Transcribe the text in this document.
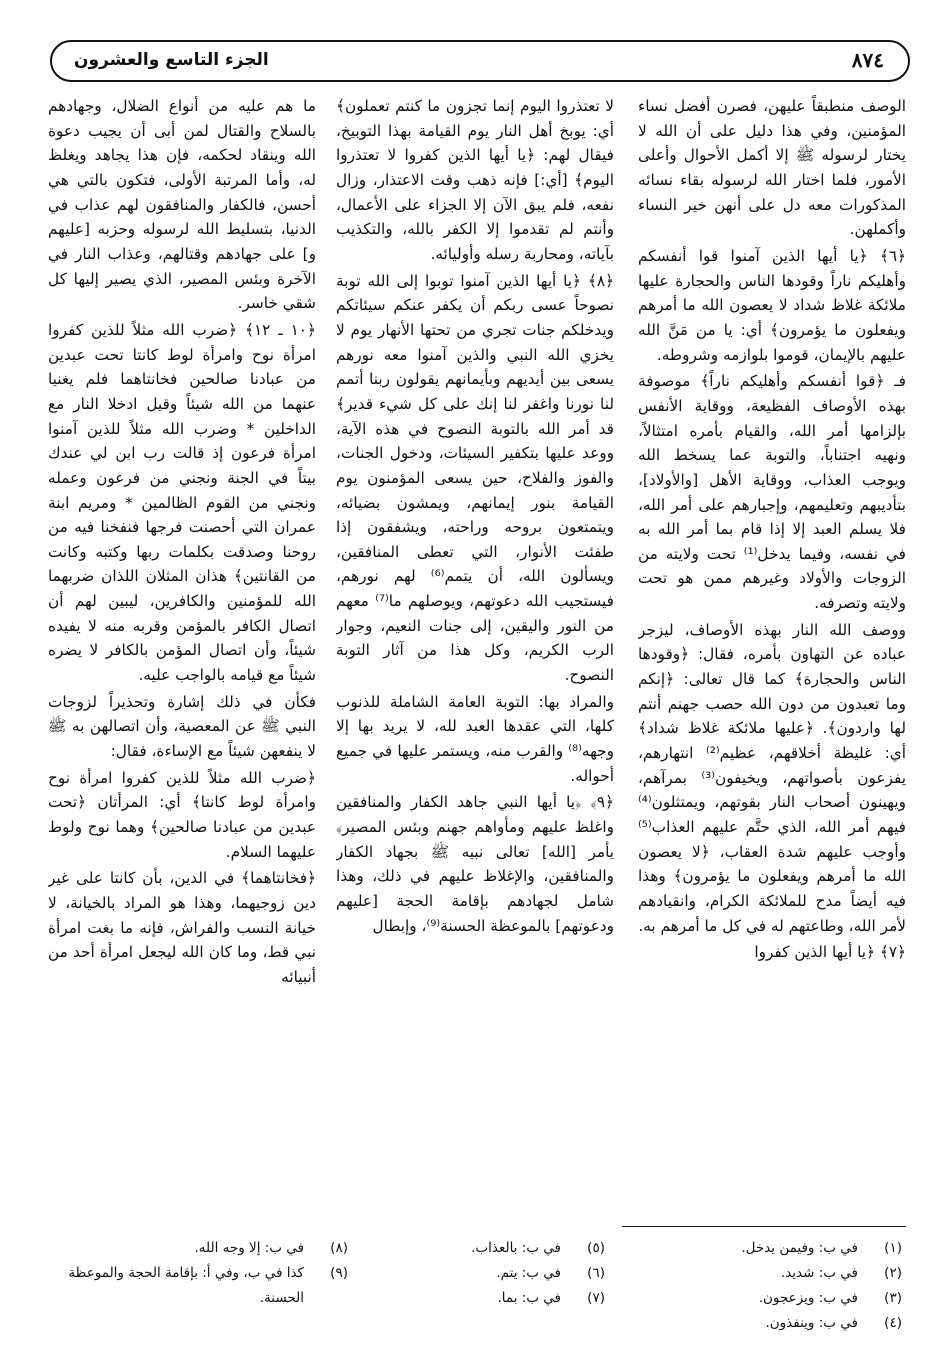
٨٧٤
الجزء التاسع والعشرون

الوصف منطبقاً عليهن، فصرن أفضل نساء المؤمنين، وفي هذا دليل على أن الله لا يختار لرسوله ﷺ إلا أكمل الأحوال وأعلى الأمور، فلما اختار الله لرسوله بقاء نسائه المذكورات معه دل على أنهن خير النساء وأكملهن.

﴿٦﴾ ﴿يا أيها الذين آمنوا قوا أنفسكم وأهليكم ناراً وقودها الناس والحجارة عليها ملائكة غلاظ شداد لا يعصون الله ما أمرهم ويفعلون ما يؤمرون﴾ أي: يا من مَنَّ الله عليهم بالإيمان، قوموا بلوازمه وشروطه.

فـ ﴿قوا أنفسكم وأهليكم ناراً﴾ موصوفة بهذه الأوصاف الفظيعة، ووقاية الأنفس بإلزامها أمر الله، والقيام بأمره امتثالاً، ونهيه اجتناباً، والتوبة عما يسخط الله ويوجب العذاب، ووقاية الأهل [والأولاد]، بتأديبهم وتعليمهم، وإجبارهم على أمر الله، فلا يسلم العبد إلا إذا قام بما أمر الله به في نفسه، وفيما يدخل⁽¹⁾ تحت ولايته من الزوجات والأولاد وغيرهم ممن هو تحت ولايته وتصرفه.

ووصف الله النار بهذه الأوصاف، ليزجر عباده عن التهاون بأمره، فقال: ﴿وقودها الناس والحجارة﴾ كما قال تعالى: ﴿إنكم وما تعبدون من دون الله حصب جهنم أنتم لها واردون﴾. ﴿عليها ملائكة غلاظ شداد﴾ أي: غليظة أخلاقهم، عظيم⁽²⁾ انتهارهم، يفزعون بأصواتهم، ويخيفون⁽³⁾ بمرآهم، ويهينون أصحاب النار بقوتهم، ويمتثلون⁽⁴⁾ فيهم أمر الله، الذي حتَّم عليهم العذاب⁽⁵⁾ وأوجب عليهم شدة العقاب، ﴿لا يعصون الله ما أمرهم ويفعلون ما يؤمرون﴾ وهذا فيه أيضاً مدح للملائكة الكرام، وانقيادهم لأمر الله، وطاعتهم له في كل ما أمرهم به.

﴿٧﴾ ﴿يا أيها الذين كفروا

لا تعتذروا اليوم إنما تجزون ما كنتم تعملون﴾ أي: يوبخ أهل النار يوم القيامة بهذا التوبيخ، فيقال لهم: ﴿يا أيها الذين كفروا لا تعتذروا اليوم﴾ [أي:] فإنه ذهب وقت الاعتذار، وزال نفعه، فلم يبق الآن إلا الجزاء على الأعمال، وأنتم لم تقدموا إلا الكفر بالله، والتكذيب بآياته، ومحاربة رسله وأوليائه.

﴿٨﴾ ﴿يا أيها الذين آمنوا توبوا إلى الله توبة نصوحاً عسى ربكم أن يكفر عنكم سيئاتكم ويدخلكم جنات تجري من تحتها الأنهار يوم لا يخزي الله النبي والذين آمنوا معه نورهم يسعى بين أيديهم وبأيمانهم يقولون ربنا أتمم لنا نورنا واغفر لنا إنك على كل شيء قدير﴾ قد أمر الله بالتوبة النصوح في هذه الآية، ووعد عليها بتكفير السيئات، ودخول الجنات، والفوز والفلاح، حين يسعى المؤمنون يوم القيامة بنور إيمانهم، ويمشون بضيائه، ويتمتعون بروحه وراحته، ويشفقون إذا طفئت الأنوار، التي تعطى المنافقين، ويسألون الله، أن يتمم⁽⁶⁾ لهم نورهم، فيستجيب الله دعوتهم، ويوصلهم ما⁽⁷⁾ معهم من النور واليقين، إلى جنات النعيم، وجوار الرب الكريم، وكل هذا من آثار التوبة النصوح.

والمراد بها: التوبة العامة الشاملة للذنوب كلها، التي عقدها العبد لله، لا يريد بها إلا وجهه⁽⁸⁾ والقرب منه، ويستمر عليها في جميع أحواله.

﴿٩﴾ ﴿يا أيها النبي جاهد الكفار والمنافقين واغلظ عليهم ومأواهم جهنم وبئس المصير﴾ يأمر [الله] تعالى نبيه ﷺ بجهاد الكفار والمنافقين، والإغلاظ عليهم في ذلك، وهذا شامل لجهادهم بإقامة الحجة [عليهم ودعوتهم] بالموعظة الحسنة⁽⁹⁾، وإبطال

ما هم عليه من أنواع الضلال، وجهادهم بالسلاح والقتال لمن أبى أن يجيب دعوة الله وينقاد لحكمه، فإن هذا يجاهد ويغلظ له، وأما المرتبة الأولى، فتكون بالتي هي أحسن، فالكفار والمنافقون لهم عذاب في الدنيا، بتسليط الله لرسوله وحزبه [عليهم و] على جهادهم وقتالهم، وعذاب النار في الآخرة وبئس المصير، الذي يصير إليها كل شقي خاسر.

﴿١٠ ـ ١٢﴾ ﴿ضرب الله مثلاً للذين كفروا امرأة نوح وامرأة لوط كانتا تحت عبدين من عبادنا صالحين فخانتاهما فلم يغنيا عنهما من الله شيئاً وقيل ادخلا النار مع الداخلين * وضرب الله مثلاً للذين آمنوا امرأة فرعون إذ قالت رب ابن لي عندك بيتاً في الجنة ونجني من فرعون وعمله ونجني من القوم الظالمين * ومريم ابنة عمران التي أحصنت فرجها فنفخنا فيه من روحنا وصدقت بكلمات ربها وكتبه وكانت من القانتين﴾ هذان المثلان اللذان ضربهما الله للمؤمنين والكافرين، ليبين لهم أن اتصال الكافر بالمؤمن وقربه منه لا يفيده شيئاً، وأن اتصال المؤمن بالكافر لا يضره شيئاً مع قيامه بالواجب عليه.

فكأن في ذلك إشارة وتحذيراً لزوجات النبي ﷺ عن المعصية، وأن اتصالهن به ﷺ لا ينفعهن شيئاً مع الإساءة، فقال:

﴿ضرب الله مثلاً للذين كفروا امرأة نوح وامرأة لوط كانتا﴾ أي: المرأتان ﴿تحت عبدين من عبادنا صالحين﴾ وهما نوح ولوط عليهما السلام.

﴿فخانتاهما﴾ في الدين، بأن كانتا على غير دين زوجيهما، وهذا هو المراد بالخيانة، لا خيانة النسب والفراش، فإنه ما بغت امرأة نبي قط، وما كان الله ليجعل امرأة أحد من أنبيائه

(١)
في ب: وفيمن يدخل.
(٢)
في ب: شديد.
(٣)
في ب: ويزعجون.
(٤)
في ب: وينفذون.
(٥)
في ب: بالعذاب.
(٦)
في ب: يتم.
(٧)
في ب: بما.
(٨)
في ب: إلا وجه الله.
(٩)
كذا في ب، وفي أ: بإقامة الحجة والموعظة الحسنة.
